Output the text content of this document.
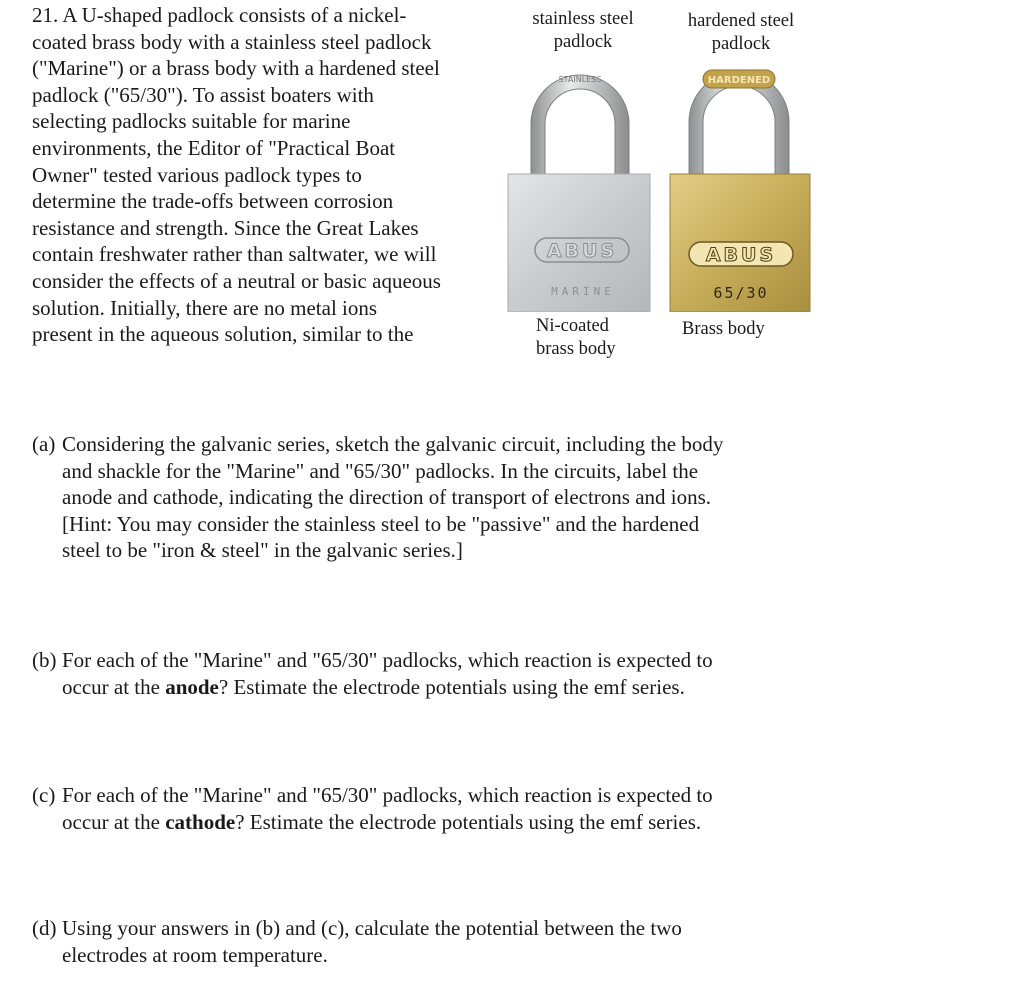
21. A U-shaped padlock consists of a nickel-
coated brass body with a stainless steel padlock
("Marine") or a brass body with a hardened steel
padlock ("65/30"). To assist boaters with
selecting padlocks suitable for marine
environments, the Editor of "Practical Boat
Owner" tested various padlock types to
determine the trade-offs between corrosion
resistance and strength. Since the Great Lakes
contain freshwater rather than saltwater, we will
consider the effects of a neutral or basic aqueous
solution. Initially, there are no metal ions
present in the aqueous solution, similar to the
stainless steel
padlock
hardened steel
padlock
STAINLESS
ABUS
MARINE
HARDENED
ABUS
65/30
Ni-coated
brass body
Brass body
(a) Considering the galvanic series, sketch the galvanic circuit, including the body
and shackle for the "Marine" and "65/30" padlocks. In the circuits, label the
anode and cathode, indicating the direction of transport of electrons and ions.
[Hint: You may consider the stainless steel to be "passive" and the hardened
steel to be "iron & steel" in the galvanic series.]
(b) For each of the "Marine" and "65/30" padlocks, which reaction is expected to
occur at the anode? Estimate the electrode potentials using the emf series.
(c) For each of the "Marine" and "65/30" padlocks, which reaction is expected to
occur at the cathode? Estimate the electrode potentials using the emf series.
(d) Using your answers in (b) and (c), calculate the potential between the two
electrodes at room temperature.
